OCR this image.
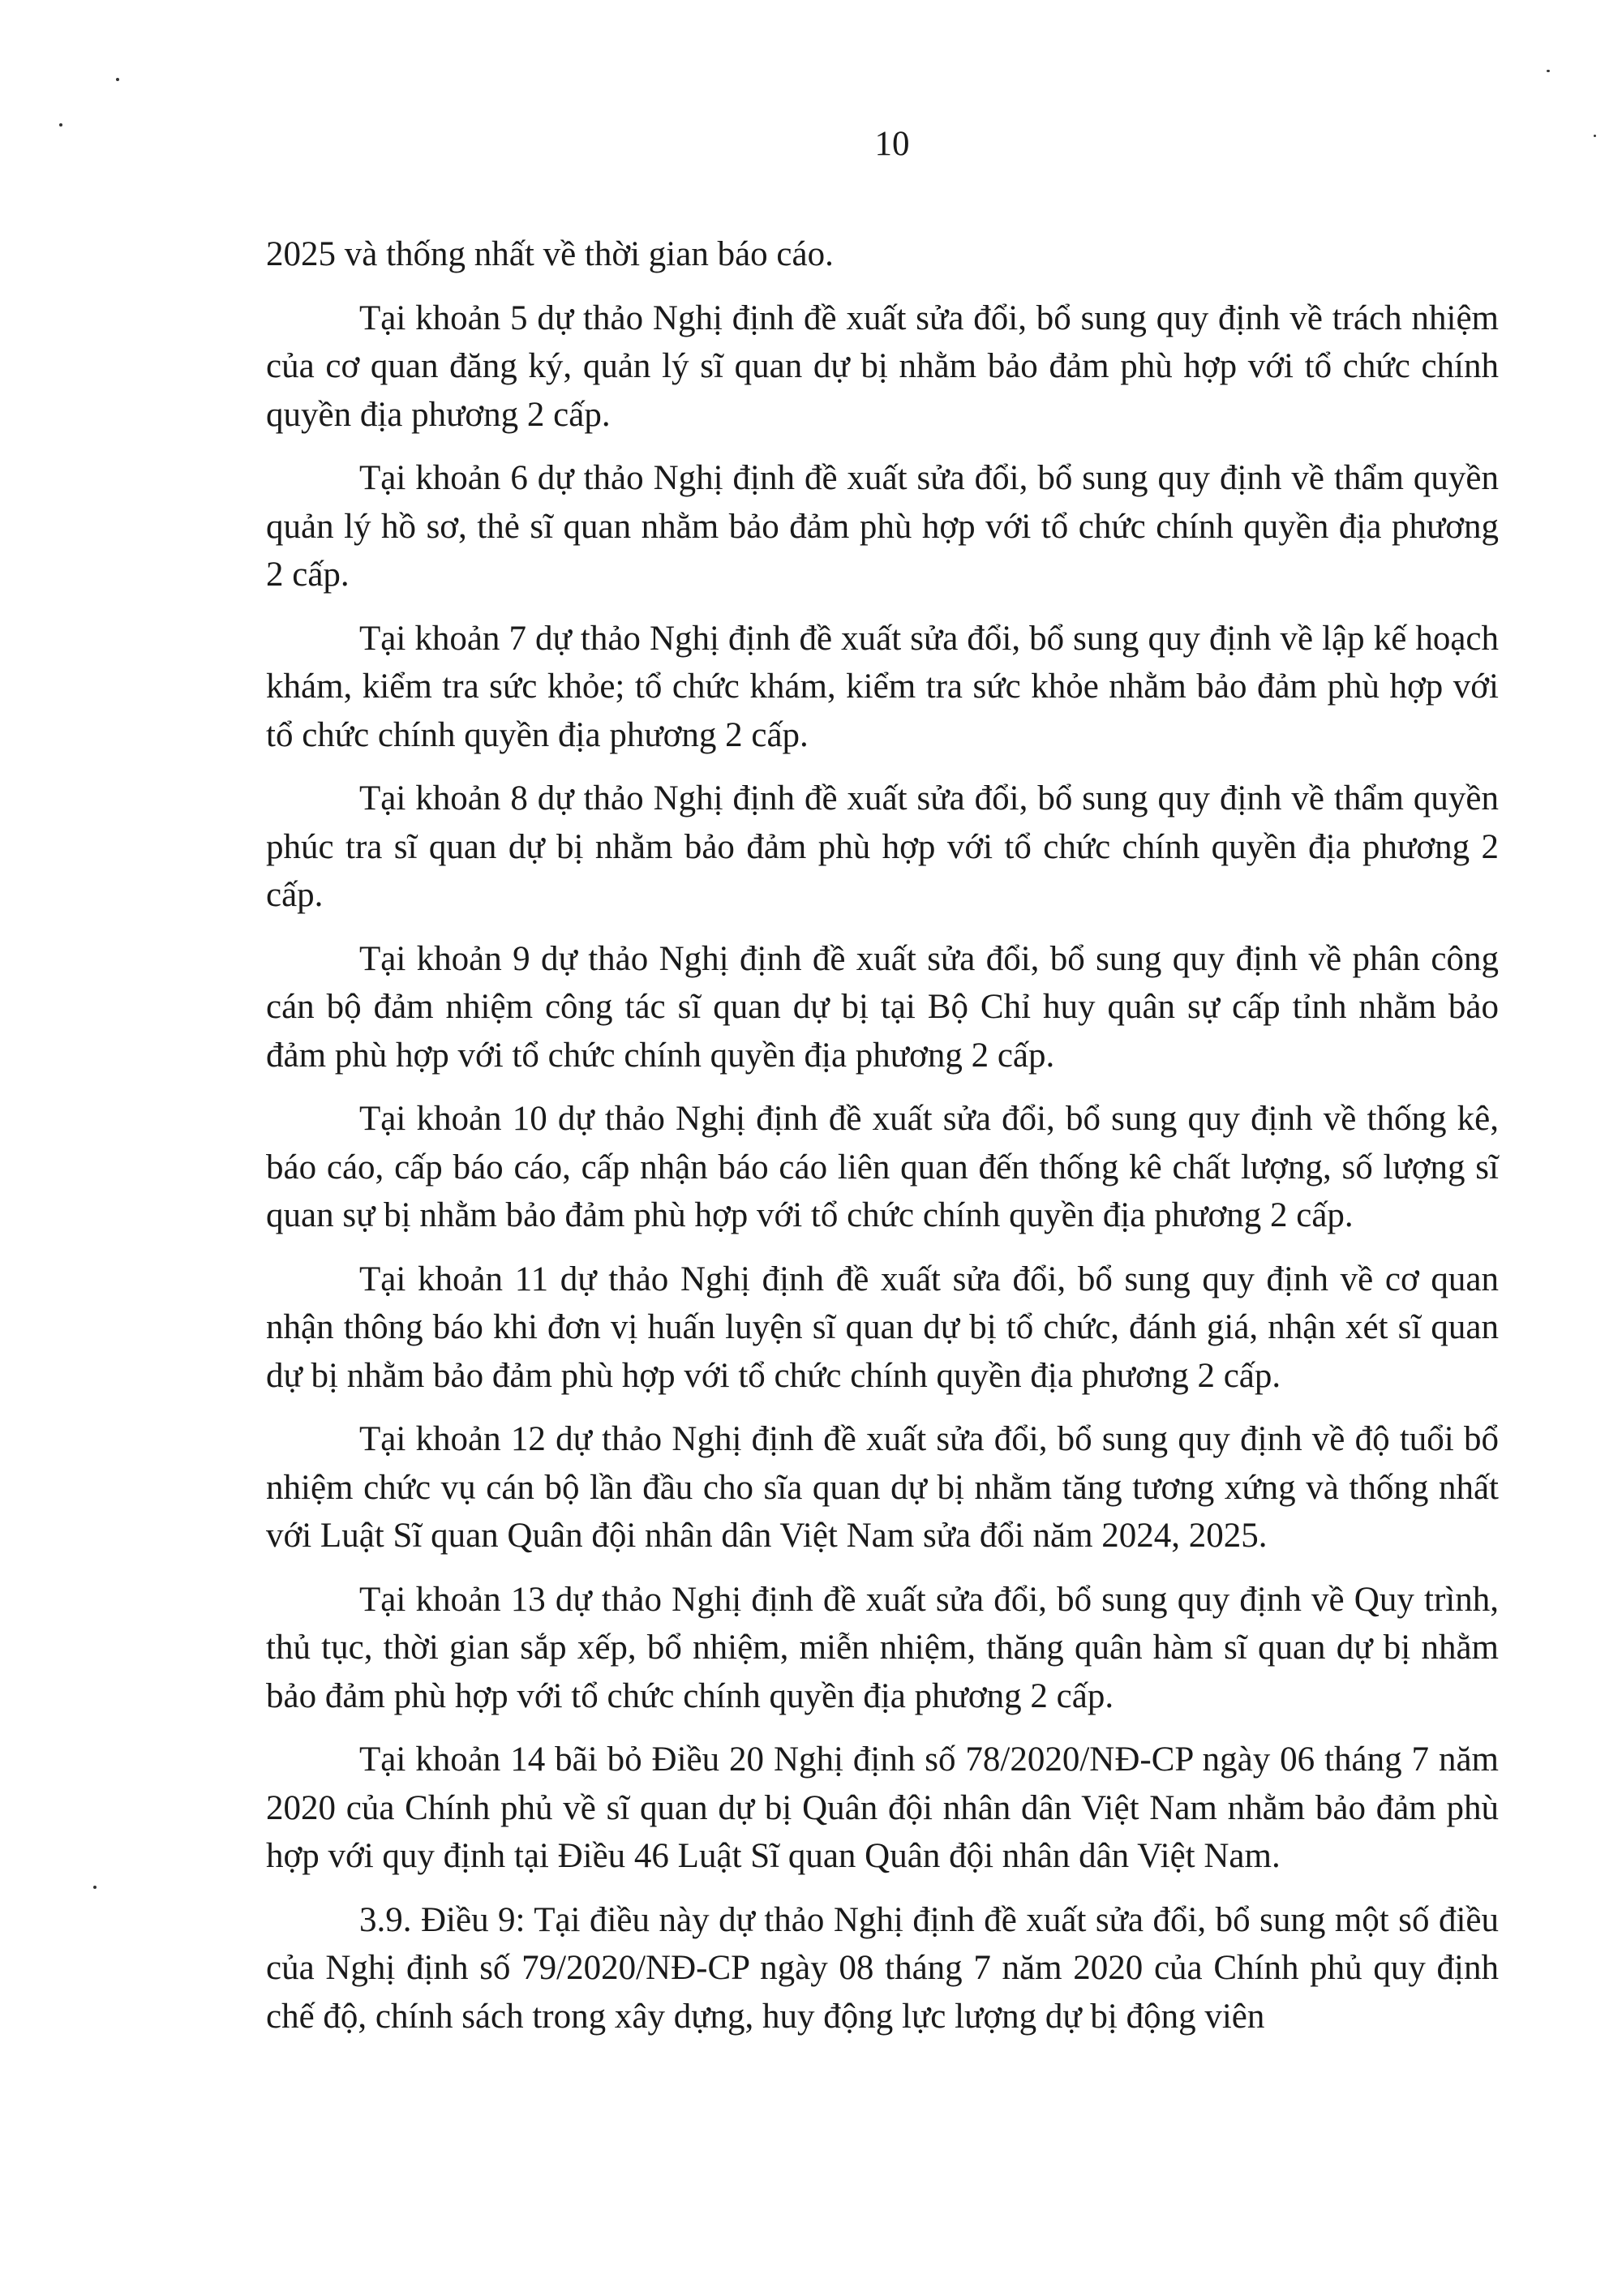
10

2025 và thống nhất về thời gian báo cáo.

Tại khoản 5 dự thảo Nghị định đề xuất sửa đổi, bổ sung quy định về trách nhiệm của cơ quan đăng ký, quản lý sĩ quan dự bị nhằm bảo đảm phù hợp với tổ chức chính quyền địa phương 2 cấp.

Tại khoản 6 dự thảo Nghị định đề xuất sửa đổi, bổ sung quy định về thẩm quyền quản lý hồ sơ, thẻ sĩ quan nhằm bảo đảm phù hợp với tổ chức chính quyền địa phương 2 cấp.

Tại khoản 7 dự thảo Nghị định đề xuất sửa đổi, bổ sung quy định về lập kế hoạch khám, kiểm tra sức khỏe; tổ chức khám, kiểm tra sức khỏe nhằm bảo đảm phù hợp với tổ chức chính quyền địa phương 2 cấp.

Tại khoản 8 dự thảo Nghị định đề xuất sửa đổi, bổ sung quy định về thẩm quyền phúc tra sĩ quan dự bị nhằm bảo đảm phù hợp với tổ chức chính quyền địa phương 2 cấp.

Tại khoản 9 dự thảo Nghị định đề xuất sửa đổi, bổ sung quy định về phân công cán bộ đảm nhiệm công tác sĩ quan dự bị tại Bộ Chỉ huy quân sự cấp tỉnh nhằm bảo đảm phù hợp với tổ chức chính quyền địa phương 2 cấp.

Tại khoản 10 dự thảo Nghị định đề xuất sửa đổi, bổ sung quy định về thống kê, báo cáo, cấp báo cáo, cấp nhận báo cáo liên quan đến thống kê chất lượng, số lượng sĩ quan sự bị nhằm bảo đảm phù hợp với tổ chức chính quyền địa phương 2 cấp.

Tại khoản 11 dự thảo Nghị định đề xuất sửa đổi, bổ sung quy định về cơ quan nhận thông báo khi đơn vị huấn luyện sĩ quan dự bị tổ chức, đánh giá, nhận xét sĩ quan dự bị nhằm bảo đảm phù hợp với tổ chức chính quyền địa phương 2 cấp.

Tại khoản 12 dự thảo Nghị định đề xuất sửa đổi, bổ sung quy định về độ tuổi bổ nhiệm chức vụ cán bộ lần đầu cho sĩa quan dự bị nhằm tăng tương xứng và thống nhất với Luật Sĩ quan Quân đội nhân dân Việt Nam sửa đổi năm 2024, 2025.

Tại khoản 13 dự thảo Nghị định đề xuất sửa đổi, bổ sung quy định về Quy trình, thủ tục, thời gian sắp xếp, bổ nhiệm, miễn nhiệm, thăng quân hàm sĩ quan dự bị nhằm bảo đảm phù hợp với tổ chức chính quyền địa phương 2 cấp.

Tại khoản 14 bãi bỏ Điều 20 Nghị định số 78/2020/NĐ-CP ngày 06 tháng 7 năm 2020 của Chính phủ về sĩ quan dự bị Quân đội nhân dân Việt Nam nhằm bảo đảm phù hợp với quy định tại Điều 46 Luật Sĩ quan Quân đội nhân dân Việt Nam.

3.9. Điều 9: Tại điều này dự thảo Nghị định đề xuất sửa đổi, bổ sung một số điều của Nghị định số 79/2020/NĐ-CP ngày 08 tháng 7 năm 2020 của Chính phủ quy định chế độ, chính sách trong xây dựng, huy động lực lượng dự bị động viên
